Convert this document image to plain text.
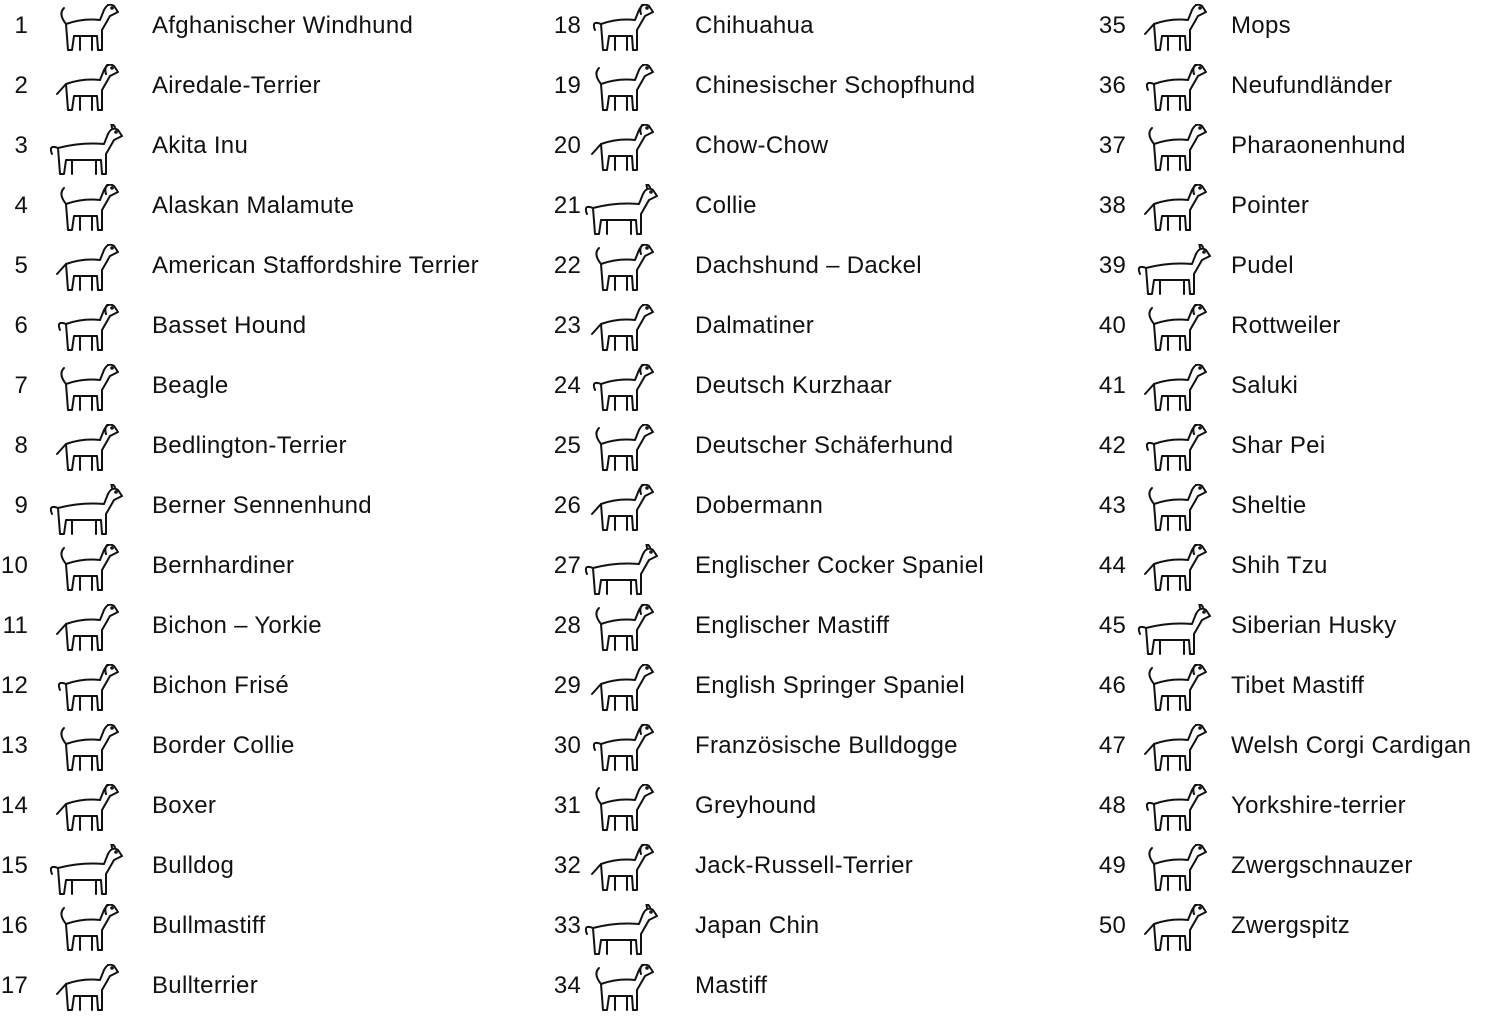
1	Afghanischer Windhund
2	Airedale-Terrier
3	Akita Inu
4	Alaskan Malamute
5	American Staffordshire Terrier
6	Basset Hound
7	Beagle
8	Bedlington-Terrier
9	Berner Sennenhund
10	Bernhardiner
11	Bichon – Yorkie
12	Bichon Frisé
13	Border Collie
14	Boxer
15	Bulldog
16	Bullmastiff
17	Bullterrier
18	Chihuahua
19	Chinesischer Schopfhund
20	Chow-Chow
21	Collie
22	Dachshund – Dackel
23	Dalmatiner
24	Deutsch Kurzhaar
25	Deutscher Schäferhund
26	Dobermann
27	Englischer Cocker Spaniel
28	Englischer Mastiff
29	English Springer Spaniel
30	Französische Bulldogge
31	Greyhound
32	Jack-Russell-Terrier
33	Japan Chin
34	Mastiff
35	Mops
36	Neufundländer
37	Pharaonenhund
38	Pointer
39	Pudel
40	Rottweiler
41	Saluki
42	Shar Pei
43	Sheltie
44	Shih Tzu
45	Siberian Husky
46	Tibet Mastiff
47	Welsh Corgi Cardigan
48	Yorkshire-terrier
49	Zwergschnauzer
50	Zwergspitz
